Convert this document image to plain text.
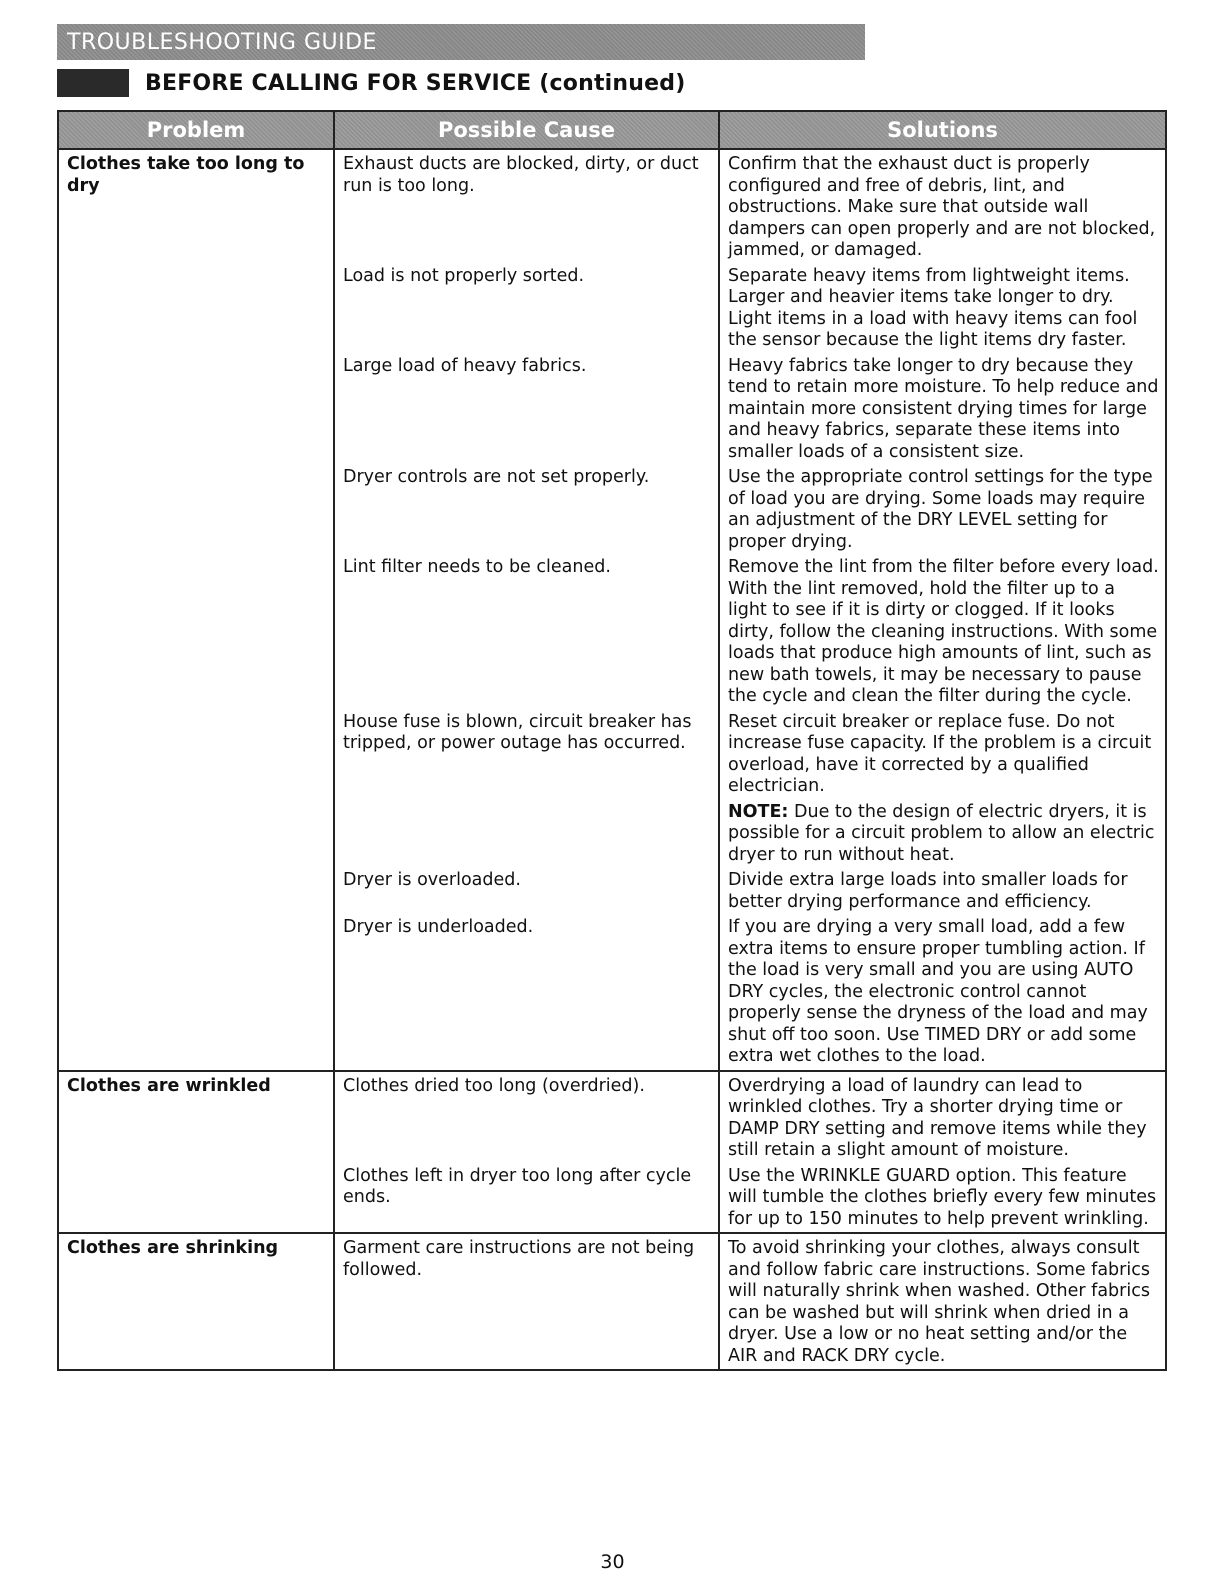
TROUBLESHOOTING GUIDE
BEFORE CALLING FOR SERVICE (continued)
Problem	Possible Cause	Solutions
Clothes take too long to dry	Exhaust ducts are blocked, dirty, or duct run is too long.	Confirm that the exhaust duct is properly configured and free of debris, lint, and obstructions. Make sure that outside wall dampers can open properly and are not blocked, jammed, or damaged.
	Load is not properly sorted.	Separate heavy items from lightweight items. Larger and heavier items take longer to dry. Light items in a load with heavy items can fool the sensor because the light items dry faster.
	Large load of heavy fabrics.	Heavy fabrics take longer to dry because they tend to retain more moisture. To help reduce and maintain more consistent drying times for large and heavy fabrics, separate these items into smaller loads of a consistent size.
	Dryer controls are not set properly.	Use the appropriate control settings for the type of load you are drying. Some loads may require an adjustment of the DRY LEVEL setting for proper drying.
	Lint filter needs to be cleaned.	Remove the lint from the filter before every load. With the lint removed, hold the filter up to a light to see if it is dirty or clogged. If it looks dirty, follow the cleaning instructions. With some loads that produce high amounts of lint, such as new bath towels, it may be necessary to pause the cycle and clean the filter during the cycle.
	House fuse is blown, circuit breaker has tripped, or power outage has occurred.	Reset circuit breaker or replace fuse. Do not increase fuse capacity. If the problem is a circuit overload, have it corrected by a qualified electrician.
		NOTE: Due to the design of electric dryers, it is possible for a circuit problem to allow an electric dryer to run without heat.
	Dryer is overloaded.	Divide extra large loads into smaller loads for better drying performance and efficiency.
	Dryer is underloaded.	If you are drying a very small load, add a few extra items to ensure proper tumbling action. If the load is very small and you are using AUTO DRY cycles, the electronic control cannot properly sense the dryness of the load and may shut off too soon. Use TIMED DRY or add some extra wet clothes to the load.
Clothes are wrinkled	Clothes dried too long (overdried).	Overdrying a load of laundry can lead to wrinkled clothes. Try a shorter drying time or DAMP DRY setting and remove items while they still retain a slight amount of moisture.
	Clothes left in dryer too long after cycle ends.	Use the WRINKLE GUARD option. This feature will tumble the clothes briefly every few minutes for up to 150 minutes to help prevent wrinkling.
Clothes are shrinking	Garment care instructions are not being followed.	To avoid shrinking your clothes, always consult and follow fabric care instructions. Some fabrics will naturally shrink when washed. Other fabrics can be washed but will shrink when dried in a dryer. Use a low or no heat setting and/or the AIR and RACK DRY cycle.
30
